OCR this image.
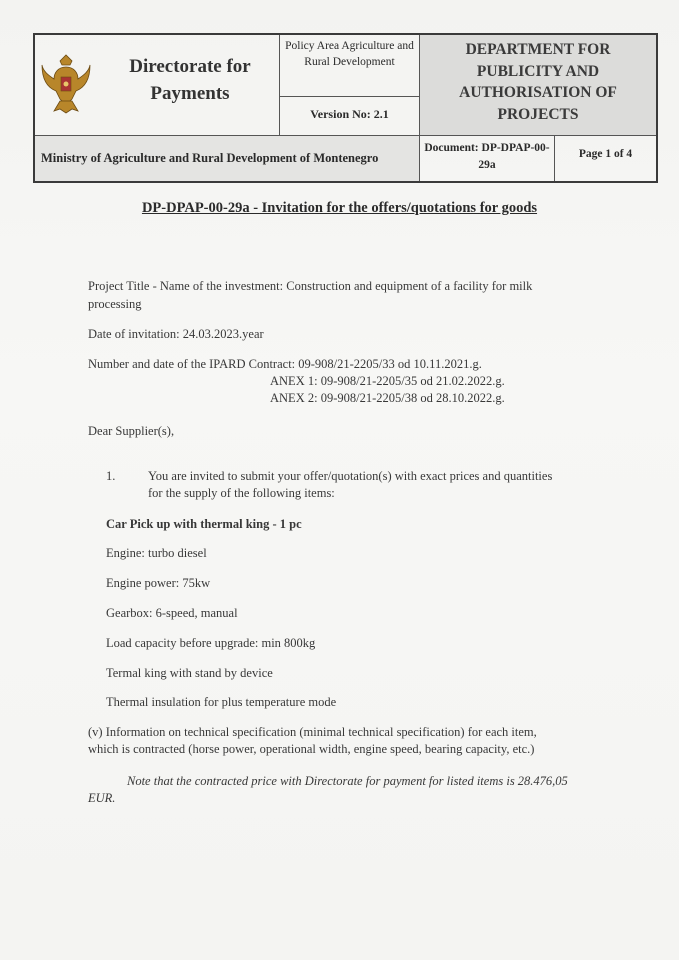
Directorate for Payments
Policy Area Agriculture and Rural Development
Version No: 2.1
DEPARTMENT FOR PUBLICITY AND AUTHORISATION OF PROJECTS
Ministry of Agriculture and Rural Development of Montenegro
Document: DP-DPAP-00-29a
Page 1 of 4
DP-DPAP-00-29a - Invitation for the offers/quotations for goods
Project Title - Name of the investment: Construction and equipment of a facility for milk
processing
Date of invitation: 24.03.2023.year
Number and date of the IPARD Contract: 09-908/21-2205/33 od 10.11.2021.g.
ANEX 1: 09-908/21-2205/35 od 21.02.2022.g.
ANEX 2: 09-908/21-2205/38 od 28.10.2022.g.
Dear Supplier(s),
1.	You are invited to submit your offer/quotation(s) with exact prices and quantities
for the supply of the following items:
Car Pick up with thermal king - 1 pc
Engine: turbo diesel
Engine power: 75kw
Gearbox: 6-speed, manual
Load capacity before upgrade: min 800kg
Termal king with stand by device
Thermal insulation for plus temperature mode
(v) Information on technical specification (minimal technical specification) for each item,
which is contracted (horse power, operational width, engine speed, bearing capacity, etc.)
Note that the contracted price with Directorate for payment for listed items is 28.476,05
EUR.
